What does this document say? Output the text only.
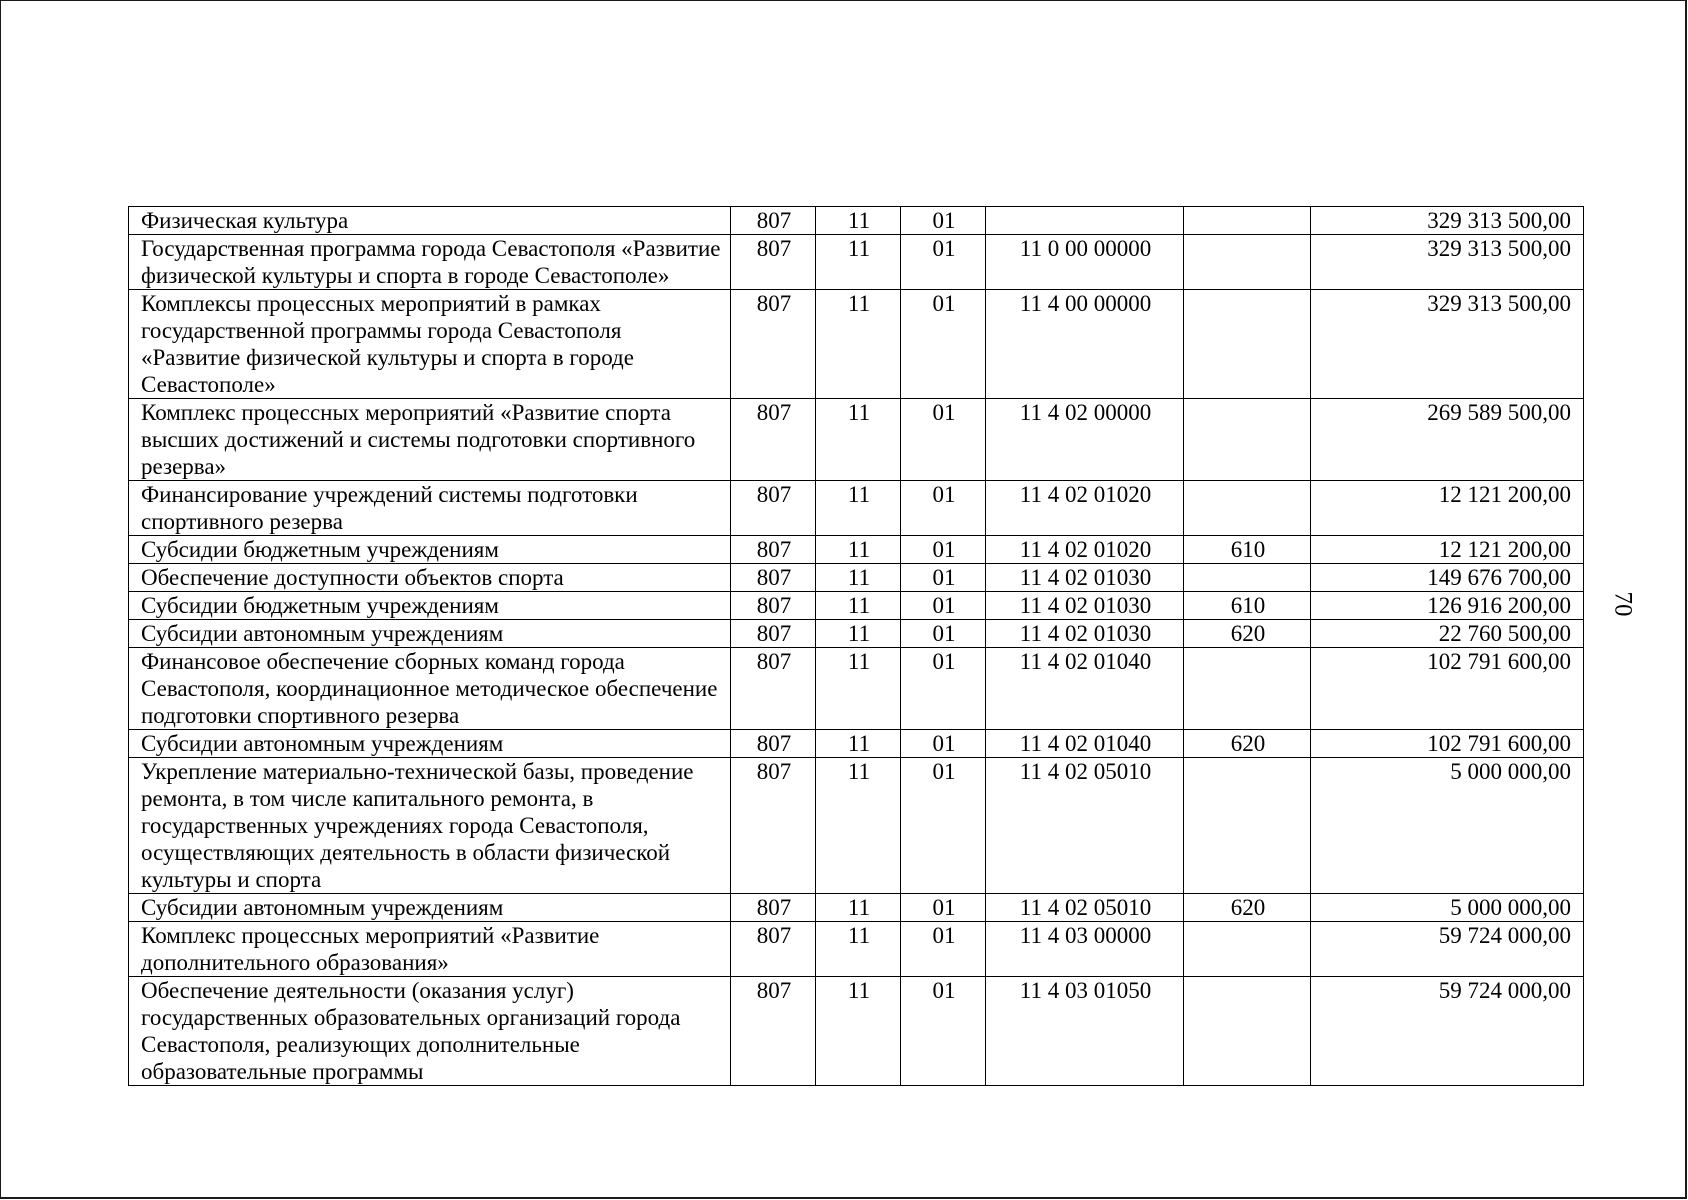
Физическая культура	807	11	01			329 313 500,00
Государственная программа города Севастополя «Развитие физической культуры и спорта в городе Севастополе»	807	11	01	11 0 00 00000		329 313 500,00
Комплексы процессных мероприятий в рамках государственной программы города Севастополя «Развитие физической культуры и спорта в городе Севастополе»	807	11	01	11 4 00 00000		329 313 500,00
Комплекс процессных мероприятий «Развитие спорта высших достижений и системы подготовки спортивного резерва»	807	11	01	11 4 02 00000		269 589 500,00
Финансирование учреждений системы подготовки спортивного резерва	807	11	01	11 4 02 01020		12 121 200,00
Субсидии бюджетным учреждениям	807	11	01	11 4 02 01020	610	12 121 200,00
Обеспечение доступности объектов спорта	807	11	01	11 4 02 01030		149 676 700,00
Субсидии бюджетным учреждениям	807	11	01	11 4 02 01030	610	126 916 200,00
Субсидии автономным учреждениям	807	11	01	11 4 02 01030	620	22 760 500,00
Финансовое обеспечение сборных команд города Севастополя, координационное методическое обеспечение подготовки спортивного резерва	807	11	01	11 4 02 01040		102 791 600,00
Субсидии автономным учреждениям	807	11	01	11 4 02 01040	620	102 791 600,00
Укрепление материально-технической базы, проведение ремонта, в том числе капитального ремонта, в государственных учреждениях города Севастополя, осуществляющих деятельность в области физической культуры и спорта	807	11	01	11 4 02 05010		5 000 000,00
Субсидии автономным учреждениям	807	11	01	11 4 02 05010	620	5 000 000,00
Комплекс процессных мероприятий «Развитие дополнительного образования»	807	11	01	11 4 03 00000		59 724 000,00
Обеспечение деятельности (оказания услуг) государственных образовательных организаций города Севастополя, реализующих дополнительные образовательные программы	807	11	01	11 4 03 01050		59 724 000,00
70
